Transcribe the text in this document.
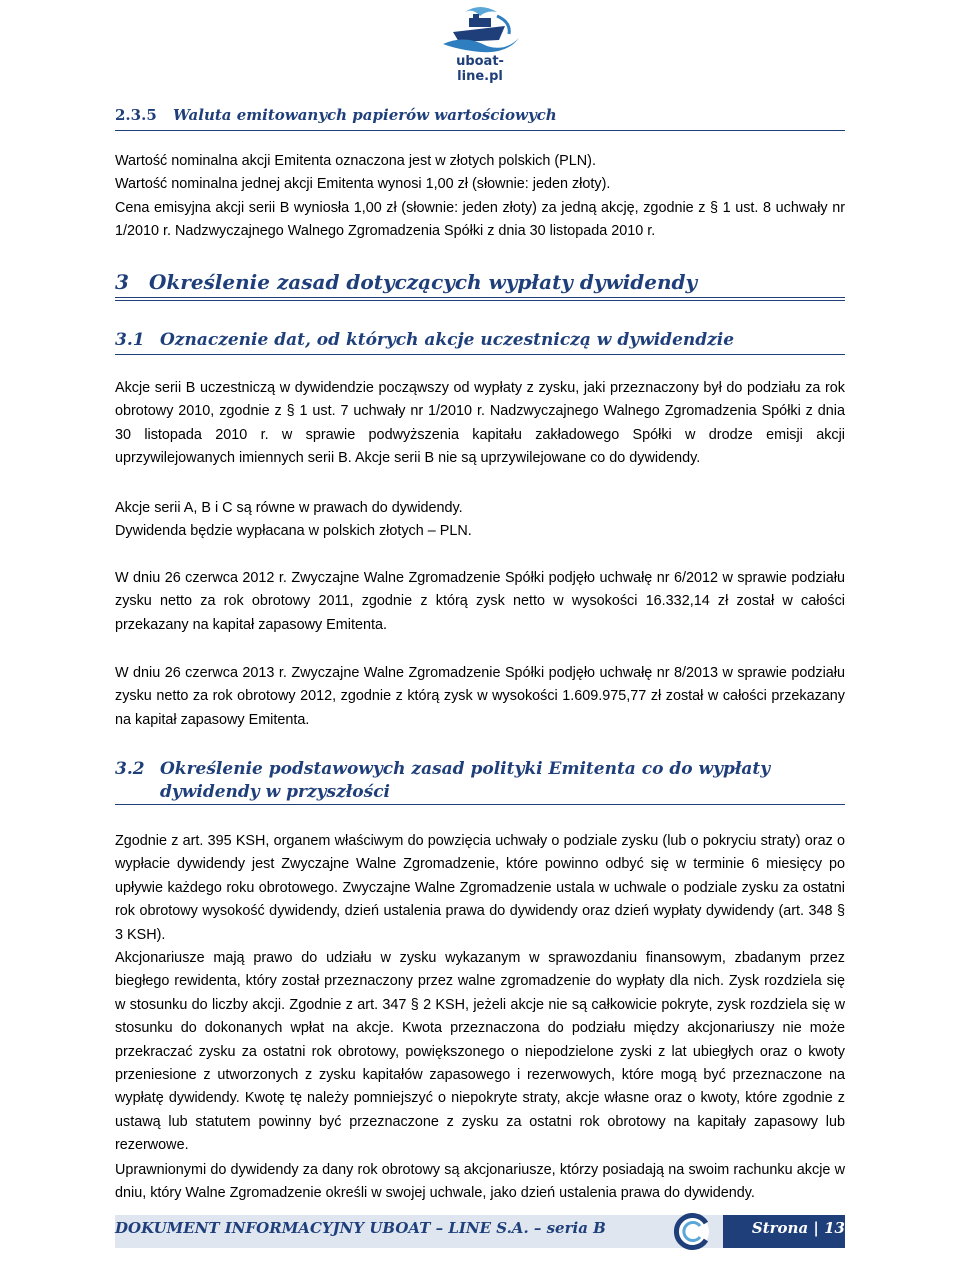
uboat-line.pl
2.3.5 Waluta emitowanych papierów wartościowych

Wartość nominalna akcji Emitenta oznaczona jest w złotych polskich (PLN).
Wartość nominalna jednej akcji Emitenta wynosi 1,00 zł (słownie: jeden złoty).
Cena emisyjna akcji serii B wyniosła 1,00 zł (słownie: jeden złoty) za jedną akcję, zgodnie z § 1 ust. 8 uchwały nr 1/2010 r. Nadzwyczajnego Walnego Zgromadzenia Spółki z dnia 30 listopada 2010 r.

3 Określenie zasad dotyczących wypłaty dywidendy
3.1 Oznaczenie dat, od których akcje uczestniczą w dywidendzie

Akcje serii B uczestniczą w dywidendzie począwszy od wypłaty z zysku, jaki przeznaczony był do podziału za rok obrotowy 2010, zgodnie z § 1 ust. 7 uchwały nr 1/2010 r. Nadzwyczajnego Walnego Zgromadzenia Spółki z dnia 30 listopada 2010 r. w sprawie podwyższenia kapitału zakładowego Spółki w drodze emisji akcji uprzywilejowanych imiennych serii B. Akcje serii B nie są uprzywilejowane co do dywidendy.

Akcje serii A, B i C są równe w prawach do dywidendy.
Dywidenda będzie wypłacana w polskich złotych – PLN.

W dniu 26 czerwca 2012 r. Zwyczajne Walne Zgromadzenie Spółki podjęło uchwałę nr 6/2012 w sprawie podziału zysku netto za rok obrotowy 2011, zgodnie z którą zysk netto w wysokości 16.332,14 zł został w całości przekazany na kapitał zapasowy Emitenta.

W dniu 26 czerwca 2013 r. Zwyczajne Walne Zgromadzenie Spółki podjęło uchwałę nr 8/2013 w sprawie podziału zysku netto za rok obrotowy 2012, zgodnie z którą zysk w wysokości 1.609.975,77 zł został w całości przekazany na kapitał zapasowy Emitenta.

3.2 Określenie podstawowych zasad polityki Emitenta co do wypłaty dywidendy w przyszłości

Zgodnie z art. 395 KSH, organem właściwym do powzięcia uchwały o podziale zysku (lub o pokryciu straty) oraz o wypłacie dywidendy jest Zwyczajne Walne Zgromadzenie, które powinno odbyć się w terminie 6 miesięcy po upływie każdego roku obrotowego. Zwyczajne Walne Zgromadzenie ustala w uchwale o podziale zysku za ostatni rok obrotowy wysokość dywidendy, dzień ustalenia prawa do dywidendy oraz dzień wypłaty dywidendy (art. 348 § 3 KSH).

Akcjonariusze mają prawo do udziału w zysku wykazanym w sprawozdaniu finansowym, zbadanym przez biegłego rewidenta, który został przeznaczony przez walne zgromadzenie do wypłaty dla nich. Zysk rozdziela się w stosunku do liczby akcji. Zgodnie z art. 347 § 2 KSH, jeżeli akcje nie są całkowicie pokryte, zysk rozdziela się w stosunku do dokonanych wpłat na akcje. Kwota przeznaczona do podziału między akcjonariuszy nie może przekraczać zysku za ostatni rok obrotowy, powiększonego o niepodzielone zyski z lat ubiegłych oraz o kwoty przeniesione z utworzonych z zysku kapitałów zapasowego i rezerwowych, które mogą być przeznaczone na wypłatę dywidendy. Kwotę tę należy pomniejszyć o niepokryte straty, akcje własne oraz o kwoty, które zgodnie z ustawą lub statutem powinny być przeznaczone z zysku za ostatni rok obrotowy na kapitały zapasowy lub rezerwowe.

Uprawnionymi do dywidendy za dany rok obrotowy są akcjonariusze, którzy posiadają na swoim rachunku akcje w dniu, który Walne Zgromadzenie określi w swojej uchwale, jako dzień ustalenia prawa do dywidendy.

DOKUMENT INFORMACYJNY UBOAT – LINE S.A. – seria B	Strona | 13
